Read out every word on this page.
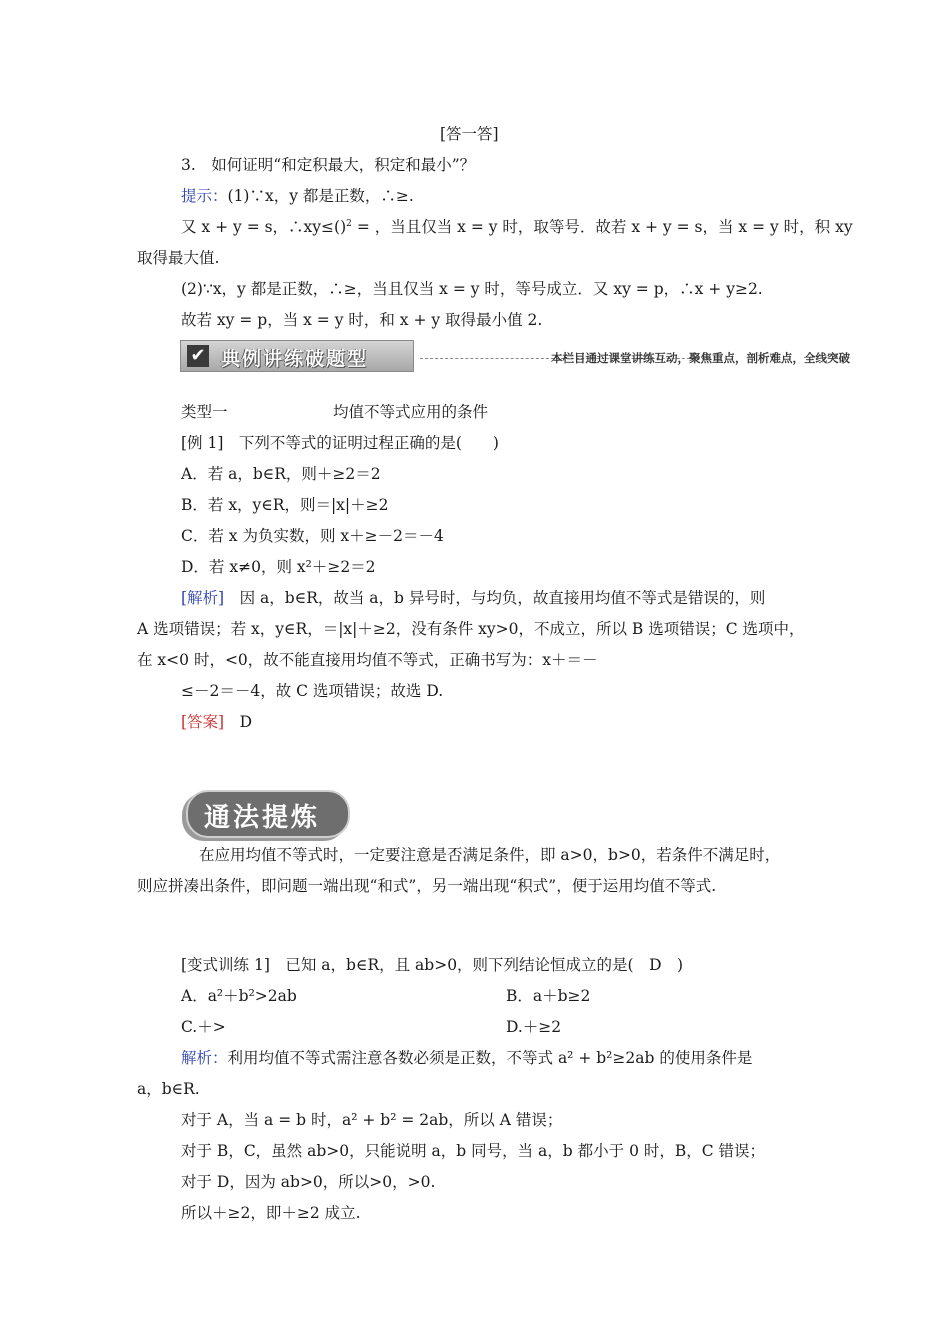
[答一答]
3.　如何证明“和定积最大，积定和最小”？
提示：(1)∵x，y 都是正数，∴≥.
又 x + y = s，∴xy≤()$^2$ = ，当且仅当 x = y 时，取等号．故若 x + y = s，当 x = y 时，积 xy
取得最大值.
(2)∵x，y 都是正数，∴≥，当且仅当 x = y 时，等号成立．又 xy = p，∴x + y≥2.
故若 xy = p，当 x = y 时，和 x + y 取得最小值 2.
✔ 典例讲练破题型	本栏目通过课堂讲练互动，聚焦重点，剖析难点，全线突破
类型一	均值不等式应用的条件
[例 1]　下列不等式的证明过程正确的是(　　)
A．若 a，b∈R，则＋≥2＝2
B．若 x，y∈R，则＝|x|＋≥2
C．若 x 为负实数，则 x＋≥－2＝－4
D．若 x≠0，则 x²＋≥2＝2
[解析]　 因 a，b∈R，故当 a，b 异号时，与均负，故直接用均值不等式是错误的，则
A 选项错误；若 x，y∈R，＝|x|＋≥2，没有条件 xy>0，不成立，所以 B 选项错误；C 选项中，
在 x<0 时，<0，故不能直接用均值不等式，正确书写为：x＋＝－
≤－2＝－4，故 C 选项错误；故选 D.
[答案]　 D
通法提炼
在应用均值不等式时，一定要注意是否满足条件，即 a>0，b>0，若条件不满足时，
则应拼凑出条件，即问题一端出现“和式”，另一端出现“积式”，便于运用均值不等式.
[变式训练 1]　已知 a，b∈R，且 ab>0，则下列结论恒成立的是(　D　)
A．a²＋b²>2ab	B．a＋b≥2
C.＋>	D.＋≥2
解析：利用均值不等式需注意各数必须是正数，不等式 a² + b²≥2ab 的使用条件是
a，b∈R.
对于 A，当 a = b 时，a² + b² = 2ab，所以 A 错误；
对于 B，C，虽然 ab>0，只能说明 a，b 同号，当 a，b 都小于 0 时，B，C 错误；
对于 D，因为 ab>0，所以>0，>0.
所以＋≥2，即＋≥2 成立.
